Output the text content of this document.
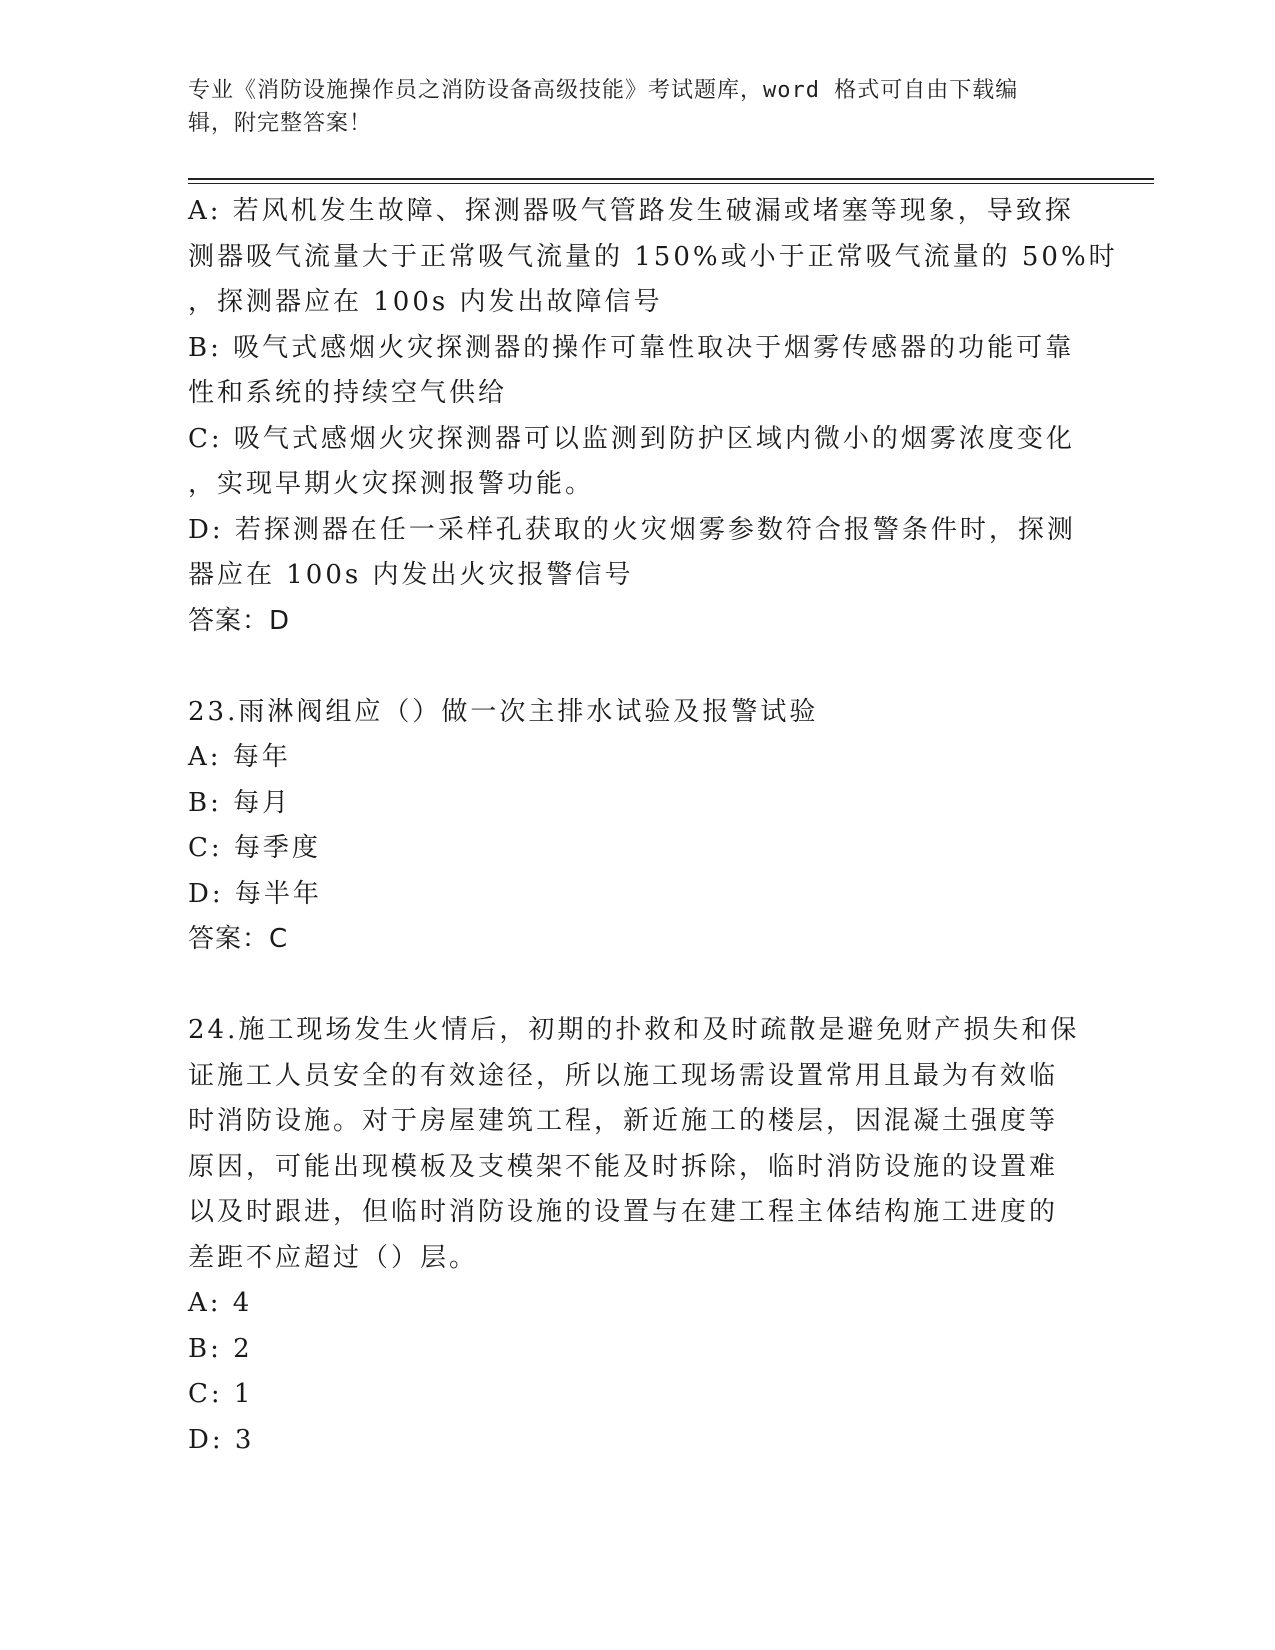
专业《消防设施操作员之消防设备高级技能》考试题库，word 格式可自由下载编
辑，附完整答案！
A: 若风机发生故障、探测器吸气管路发生破漏或堵塞等现象，导致探
测器吸气流量大于正常吸气流量的 150%或小于正常吸气流量的 50%时
，探测器应在 100s 内发出故障信号
B: 吸气式感烟火灾探测器的操作可靠性取决于烟雾传感器的功能可靠
性和系统的持续空气供给
C: 吸气式感烟火灾探测器可以监测到防护区域内微小的烟雾浓度变化
，实现早期火灾探测报警功能。
D: 若探测器在任一采样孔获取的火灾烟雾参数符合报警条件时，探测
器应在 100s 内发出火灾报警信号
答案：D
23.雨淋阀组应（）做一次主排水试验及报警试验
A: 每年
B: 每月
C: 每季度
D: 每半年
答案：C
24.施工现场发生火情后，初期的扑救和及时疏散是避免财产损失和保
证施工人员安全的有效途径，所以施工现场需设置常用且最为有效临
时消防设施。对于房屋建筑工程，新近施工的楼层，因混凝土强度等
原因，可能出现模板及支模架不能及时拆除，临时消防设施的设置难
以及时跟进，但临时消防设施的设置与在建工程主体结构施工进度的
差距不应超过（）层。
A: 4
B: 2
C: 1
D: 3
